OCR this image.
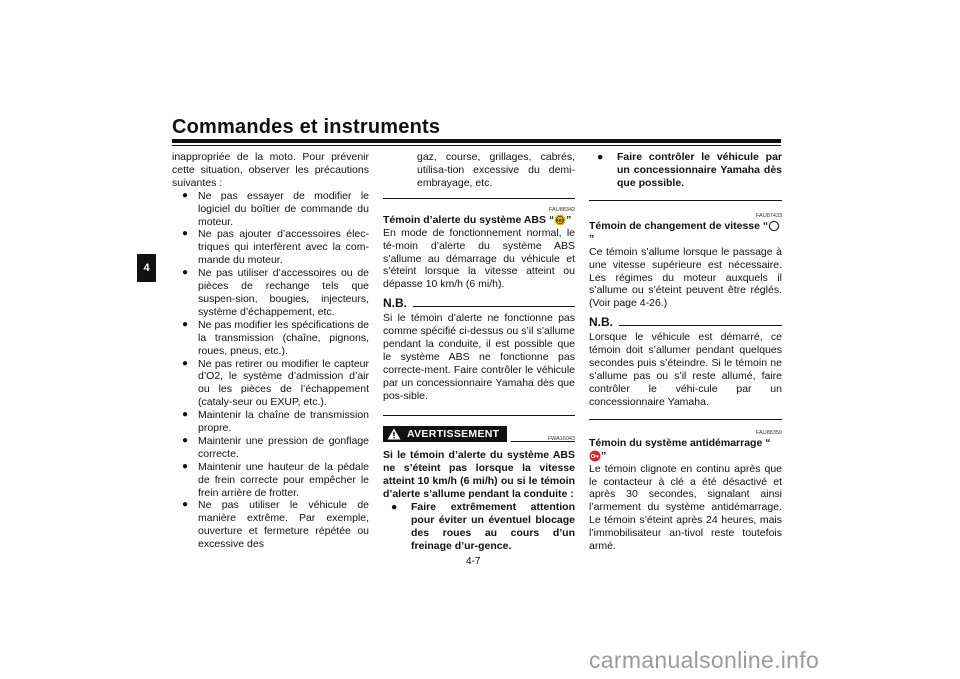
Commandes et instruments
4

inappropriée de la moto. Pour prévenir cette situation, observer les précautions suivantes :

● Ne pas essayer de modifier le logiciel du boîtier de commande du moteur.
● Ne pas ajouter d’accessoires élec-triques qui interfèrent avec la com-mande du moteur.
● Ne pas utiliser d’accessoires ou de pièces de rechange tels que suspen-sion, bougies, injecteurs, système d’échappement, etc.
● Ne pas modifier les spécifications de la transmission (chaîne, pignons, roues, pneus, etc.).
● Ne pas retirer ou modifier le capteur d’O2, le système d’admission d’air ou les pièces de l’échappement (cataly-seur ou EXUP, etc.).
● Maintenir la chaîne de transmission propre.
● Maintenir une pression de gonflage correcte.
● Maintenir une hauteur de la pédale de frein correcte pour empêcher le frein arrière de frotter.
● Ne pas utiliser le véhicule de manière extrême. Par exemple, ouverture et fermeture répétée ou excessive des

gaz, course, grillages, cabrés, utilisa-tion excessive du demi-embrayage, etc.

FAU88342
Témoin d’alerte du système ABS “ ABS ”

En mode de fonctionnement normal, le té-moin d’alerte du système ABS s’allume au démarrage du véhicule et s’éteint lorsque la vitesse atteint ou dépasse 10 km/h (6 mi/h).

N.B.

Si le témoin d’alerte ne fonctionne pas comme spécifié ci-dessus ou s’il s’allume pendant la conduite, il est possible que le système ABS ne fonctionne pas correcte-ment. Faire contrôler le véhicule par un concessionnaire Yamaha dès que pos-sible.

AVERTISSEMENT	FWA16043

Si le témoin d’alerte du système ABS ne s’éteint pas lorsque la vitesse atteint 10 km/h (6 mi/h) ou si le témoin d’alerte s’allume pendant la conduite :

● Faire extrêmement attention pour éviter un éventuel blocage des roues au cours d’un freinage d’ur-gence.
● Faire contrôler le véhicule par un concessionnaire Yamaha dès que possible.
FAU87433
Témoin de changement de vitesse “”

Ce témoin s’allume lorsque le passage à une vitesse supérieure est nécessaire. Les régimes du moteur auxquels il s’allume ou s’éteint peuvent être réglés. (Voir page 4-26.)

N.B.

Lorsque le véhicule est démarré, ce témoin doit s’allumer pendant quelques secondes puis s’éteindre. Si le témoin ne s’allume pas ou s’il reste allumé, faire contrôler le véhi-cule par un concessionnaire Yamaha.

FAU88350
Témoin du système antidémarrage “”

Le témoin clignote en continu après que le contacteur à clé a été désactivé et après 30 secondes, signalant ainsi l’armement du système antidémarrage. Le témoin s’éteint après 24 heures, mais l’immobilisateur an-tivol reste toutefois armé.

4-7
carmanualsonline.info
